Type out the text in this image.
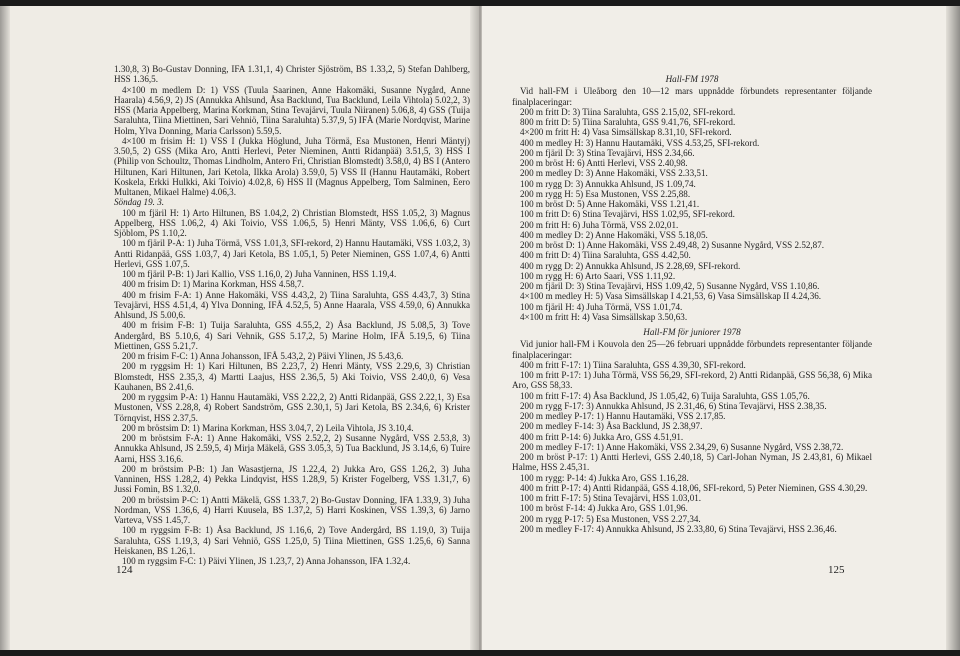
1.30,8, 3) Bo-Gustav Donning, IFA 1.31,1, 4) Christer Sjöström, BS 1.33,2, 5) Stefan Dahlberg, HSS 1.36,5.

4×100 m medlem D: 1) VSS (Tuula Saarinen, Anne Hakomäki, Susanne Nygård, Anne Haarala) 4.56,9, 2) JS (Annukka Ahlsund, Åsa Backlund, Tua Backlund, Leila Vihtola) 5.02,2, 3) HSS (Maria Appelberg, Marina Korkman, Stina Tevajärvi, Tuula Niiranen) 5.06,8, 4) GSS (Tuija Saraluhta, Tiina Miettinen, Sari Vehniö, Tiina Saraluhta) 5.37,9, 5) IFÅ (Marie Nordqvist, Marine Holm, Ylva Donning, Maria Carlsson) 5.59,5.

4×100 m frisim H: 1) VSS I (Jukka Höglund, Juha Törmä, Esa Mustonen, Henri Mäntyj) 3.50,5, 2) GSS (Mika Aro, Antti Herlevi, Peter Nieminen, Antti Ridanpää) 3.51,5, 3) HSS I (Philip von Schoultz, Thomas Lindholm, Antero Fri, Christian Blomstedt) 3.58,0, 4) BS I (Antero Hiltunen, Kari Hiltunen, Jari Ketola, Ilkka Arola) 3.59,0, 5) VSS II (Hannu Hautamäki, Robert Koskela, Erkki Hulkki, Aki Toivio) 4.02,8, 6) HSS II (Magnus Appelberg, Tom Salminen, Eero Multanen, Mikael Halme) 4.06,3.

Söndag 19. 3.

100 m fjäril H: 1) Arto Hiltunen, BS 1.04,2, 2) Christian Blomstedt, HSS 1.05,2, 3) Magnus Appelberg, HSS 1.06,2, 4) Aki Toivio, VSS 1.06,5, 5) Henri Mänty, VSS 1.06,6, 6) Curt Sjöblom, PS 1.10,2.

100 m fjäril P-A: 1) Juha Törmä, VSS 1.01,3, SFI-rekord, 2) Hannu Hautamäki, VSS 1.03,2, 3) Antti Ridanpää, GSS 1.03,7, 4) Jari Ketola, BS 1.05,1, 5) Peter Nieminen, GSS 1.07,4, 6) Antti Herlevi, GSS 1.07,5.

100 m fjäril P-B: 1) Jari Kallio, VSS 1.16,0, 2) Juha Vanninen, HSS 1.19,4.

400 m frisim D: 1) Marina Korkman, HSS 4.58,7.

400 m frisim F-A: 1) Anne Hakomäki, VSS 4.43,2, 2) Tiina Saraluhta, GSS 4.43,7, 3) Stina Tevajärvi, HSS 4.51,4, 4) Ylva Donning, IFÅ 4.52,5, 5) Anne Haarala, VSS 4.59,0, 6) Annukka Ahlsund, JS 5.00,6.

400 m frisim F-B: 1) Tuija Saraluhta, GSS 4.55,2, 2) Åsa Backlund, JS 5.08,5, 3) Tove Andergård, BS 5.10,6, 4) Sari Vehnik, GSS 5.17,2, 5) Marine Holm, IFÅ 5.19,5, 6) Tiina Miettinen, GSS 5.21,7.

200 m frisim F-C: 1) Anna Johansson, IFÅ 5.43,2, 2) Päivi Ylinen, JS 5.43,6.

200 m ryggsim H: 1) Kari Hiltunen, BS 2.23,7, 2) Henri Mänty, VSS 2.29,6, 3) Christian Blomstedt, HSS 2.35,3, 4) Martti Laajus, HSS 2.36,5, 5) Aki Toivio, VSS 2.40,0, 6) Vesa Kauhanen, BS 2.41,6.

200 m ryggsim P-A: 1) Hannu Hautamäki, VSS 2.22,2, 2) Antti Ridanpää, GSS 2.22,1, 3) Esa Mustonen, VSS 2.28,8, 4) Robert Sandström, GSS 2.30,1, 5) Jari Ketola, BS 2.34,6, 6) Krister Törnqvist, HSS 2.37,5.

200 m bröstsim D: 1) Marina Korkman, HSS 3.04,7, 2) Leila Vihtola, JS 3.10,4.

200 m bröstsim F-A: 1) Anne Hakomäki, VSS 2.52,2, 2) Susanne Nygård, VSS 2.53,8, 3) Annukka Ahlsund, JS 2.59,5, 4) Mirja Mäkelä, GSS 3.05,3, 5) Tua Backlund, JS 3.14,6, 6) Tuire Aarni, HSS 3.16,6.

200 m bröstsim P-B: 1) Jan Wasastjerna, JS 1.22,4, 2) Jukka Aro, GSS 1.26,2, 3) Juha Vanninen, HSS 1.28,2, 4) Pekka Lindqvist, HSS 1.28,9, 5) Krister Fogelberg, VSS 1.31,7, 6) Jussi Fomin, BS 1.32,0.

200 m bröstsim P-C: 1) Antti Mäkelä, GSS 1.33,7, 2) Bo-Gustav Donning, IFA 1.33,9, 3) Juha Nordman, VSS 1.36,6, 4) Harri Kuusela, BS 1.37,2, 5) Harri Koskinen, VSS 1.39,3, 6) Jarno Varteva, VSS 1.45,7.

100 m ryggsim F-B: 1) Åsa Backlund, JS 1.16,6, 2) Tove Andergård, BS 1.19,0, 3) Tuija Saraluhta, GSS 1.19,3, 4) Sari Vehniö, GSS 1.25,0, 5) Tiina Miettinen, GSS 1.25,6, 6) Sanna Heiskanen, BS 1.26,1.

100 m ryggsim F-C: 1) Päivi Ylinen, JS 1.23,7, 2) Anna Johansson, IFA 1.32,4.

124

Hall-FM 1978

Vid hall-FM i Uleåborg den 10—12 mars uppnådde förbundets representanter följande finalplaceringar:

200 m fritt D: 3) Tiina Saraluhta, GSS 2.15,02, SFI-rekord.

800 m fritt D: 5) Tiina Saraluhta, GSS 9.41,76, SFI-rekord.

4×200 m fritt H: 4) Vasa Simsällskap 8.31,10, SFI-rekord.

400 m medley H: 3) Hannu Hautamäki, VSS 4.53,25, SFI-rekord.

200 m fjäril D: 3) Stina Tevajärvi, HSS 2.34,66.

200 m bröst H: 6) Antti Herlevi, VSS 2.40,98.

200 m medley D: 3) Anne Hakomäki, VSS 2.33,51.

100 m rygg D: 3) Annukka Ahlsund, JS 1.09,74.

200 m rygg H: 5) Esa Mustonen, VSS 2.25,88.

100 m bröst D: 5) Anne Hakomäki, VSS 1.21,41.

100 m fritt D: 6) Stina Tevajärvi, HSS 1.02,95, SFI-rekord.

200 m fritt H: 6) Juha Törmä, VSS 2.02,01.

400 m medley D: 2) Anne Hakomäki, VSS 5.18,05.

200 m bröst D: 1) Anne Hakomäki, VSS 2.49,48, 2) Susanne Nygård, VSS 2.52,87.

400 m fritt D: 4) Tiina Saraluhta, GSS 4.42,50.

400 m rygg D: 2) Annukka Ahlsund, JS 2.28,69, SFI-rekord.

100 m rygg H: 6) Arto Saari, VSS 1.11,92.

200 m fjäril D: 3) Stina Tevajärvi, HSS 1.09,42, 5) Susanne Nygård, VSS 1.10,86.

4×100 m medley H: 5) Vasa Simsällskap I 4.21,53, 6) Vasa Simsällskap II 4.24,36.

100 m fjäril H: 4) Juha Törmä, VSS 1.01,74.

4×100 m fritt H: 4) Vasa Simsällskap 3.50,63.

Hall-FM för juniorer 1978

Vid junior hall-FM i Kouvola den 25—26 februari uppnådde förbundets representanter följande finalplaceringar:

400 m fritt F-17: 1) Tiina Saraluhta, GSS 4.39,30, SFI-rekord.

100 m fritt P-17: 1) Juha Törmä, VSS 56,29, SFI-rekord, 2) Antti Ridanpää, GSS 56,38, 6) Mika Aro, GSS 58,33.

100 m fritt F-17: 4) Åsa Backlund, JS 1.05,42, 6) Tuija Saraluhta, GSS 1.05,76.

200 m rygg F-17: 3) Annukka Ahlsund, JS 2.31,46, 6) Stina Tevajärvi, HSS 2.38,35.

200 m medley P-17: 1) Hannu Hautamäki, VSS 2.17,85.

200 m medley F-14: 3) Åsa Backlund, JS 2.38,97.

400 m fritt P-14: 6) Jukka Aro, GSS 4.51,91.

200 m medley F-17: 1) Anne Hakomäki, VSS 2.34,29, 6) Susanne Nygård, VSS 2.38,72.

200 m bröst P-17: 1) Antti Herlevi, GSS 2.40,18, 5) Carl-Johan Nyman, JS 2.43,81, 6) Mikael Halme, HSS 2.45,31.

100 m rygg: P-14: 4) Jukka Aro, GSS 1.16,28.

400 m fritt P-17: 4) Antti Ridanpää, GSS 4.18,06, SFI-rekord, 5) Peter Nieminen, GSS 4.30,29.

100 m fritt F-17: 5) Stina Tevajärvi, HSS 1.03,01.

100 m bröst F-14: 4) Jukka Aro, GSS 1.01,96.

200 m rygg P-17: 5) Esa Mustonen, VSS 2.27,34.

200 m medley F-17: 4) Annukka Ahlsund, JS 2.33,80, 6) Stina Tevajärvi, HSS 2.36,46.

125
